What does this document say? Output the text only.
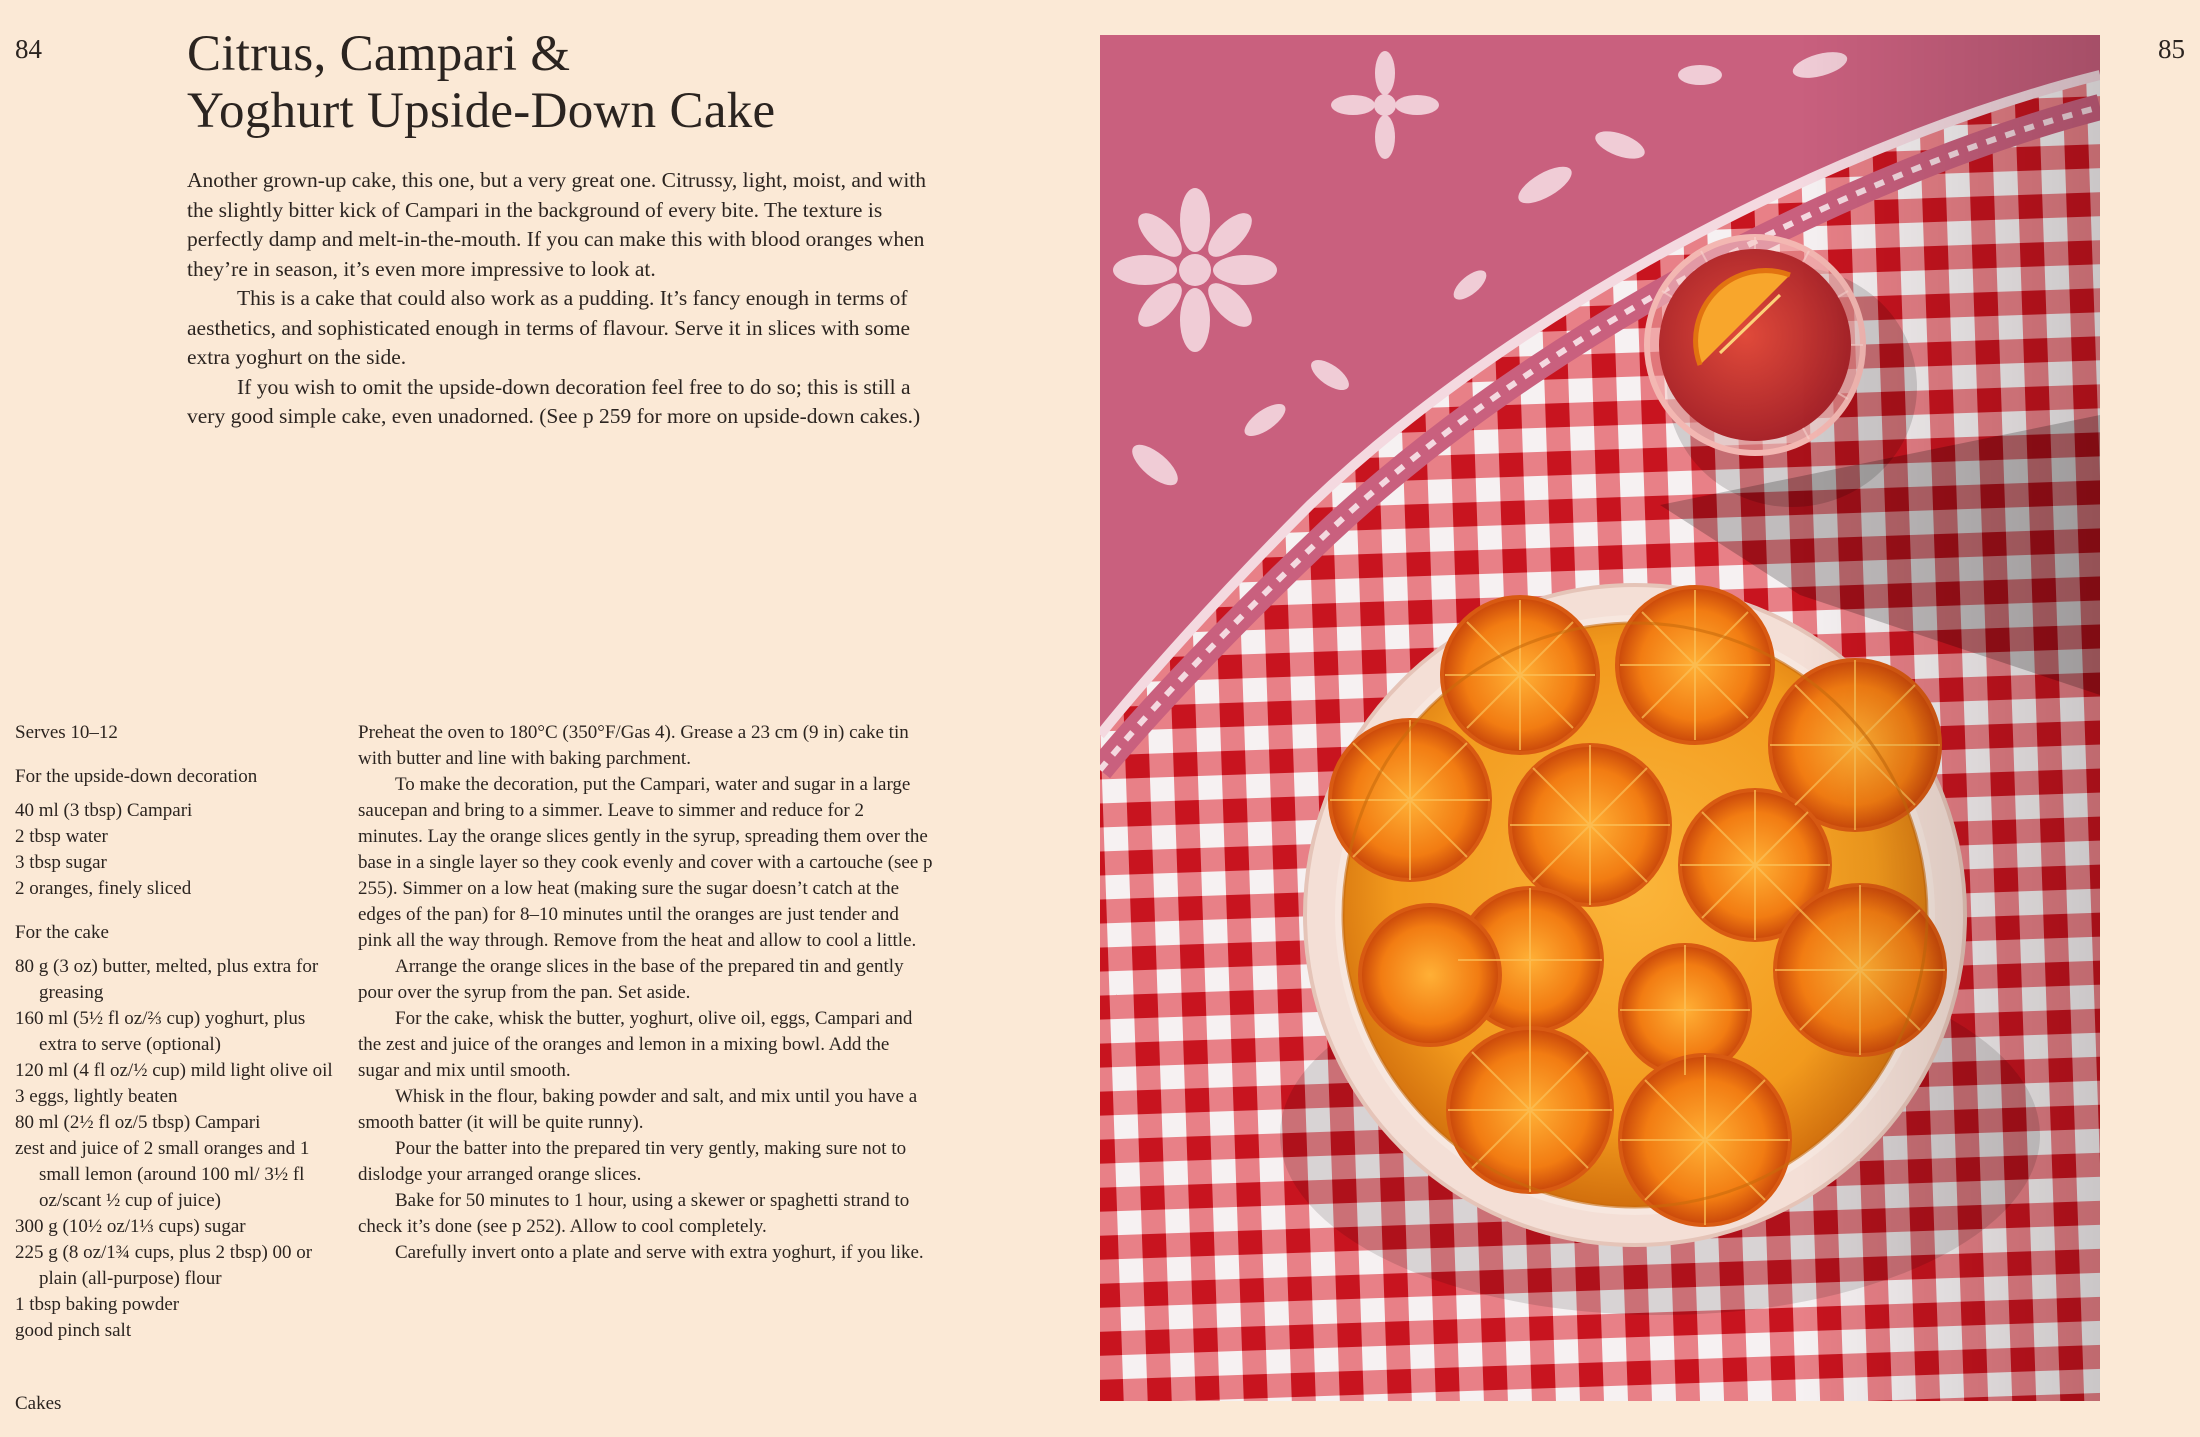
84	85
Citrus, Campari &
Yoghurt Upside-Down Cake

Another grown-up cake, this one, but a very great one. Citrussy, light, moist, and with the slightly bitter kick of Campari in the background of every bite. The texture is perfectly damp and melt-in-the-mouth. If you can make this with blood oranges when they’re in season, it’s even more impressive to look at.

This is a cake that could also work as a pudding. It’s fancy enough in terms of aesthetics, and sophisticated enough in terms of flavour. Serve it in slices with some extra yoghurt on the side.

If you wish to omit the upside-down decoration feel free to do so; this is still a very good simple cake, even unadorned. (See p 259 for more on upside-down cakes.)

Serves 10–12

For the upside-down decoration
40 ml (3 tbsp) Campari
2 tbsp water
3 tbsp sugar
2 oranges, finely sliced
For the cake
80 g (3 oz) butter, melted, plus extra for greasing
160 ml (5½ fl oz/⅔ cup) yoghurt, plus extra to serve (optional)
120 ml (4 fl oz/½ cup) mild light olive oil
3 eggs, lightly beaten
80 ml (2½ fl oz/5 tbsp) Campari
zest and juice of 2 small oranges and 1 small lemon (around 100 ml/ 3½ fl oz/scant ½ cup of juice)
300 g (10½ oz/1⅓ cups) sugar
225 g (8 oz/1¾ cups, plus 2 tbsp) 00 or plain (all-purpose) flour
1 tbsp baking powder
good pinch salt

Preheat the oven to 180°C (350°F/Gas 4). Grease a 23 cm (9 in) cake tin with butter and line with baking parchment.

To make the decoration, put the Campari, water and sugar in a large saucepan and bring to a simmer. Leave to simmer and reduce for 2 minutes. Lay the orange slices gently in the syrup, spreading them over the base in a single layer so they cook evenly and cover with a cartouche (see p 255). Simmer on a low heat (making sure the sugar doesn’t catch at the edges of the pan) for 8–10 minutes until the oranges are just tender and pink all the way through. Remove from the heat and allow to cool a little.

Arrange the orange slices in the base of the prepared tin and gently pour over the syrup from the pan. Set aside.

For the cake, whisk the butter, yoghurt, olive oil, eggs, Campari and the zest and juice of the oranges and lemon in a mixing bowl. Add the sugar and mix until smooth.

Whisk in the flour, baking powder and salt, and mix until you have a smooth batter (it will be quite runny).

Pour the batter into the prepared tin very gently, making sure not to dislodge your arranged orange slices.

Bake for 50 minutes to 1 hour, using a skewer or spaghetti strand to check it’s done (see p 252). Allow to cool completely.

Carefully invert onto a plate and serve with extra yoghurt, if you like.

Cakes
